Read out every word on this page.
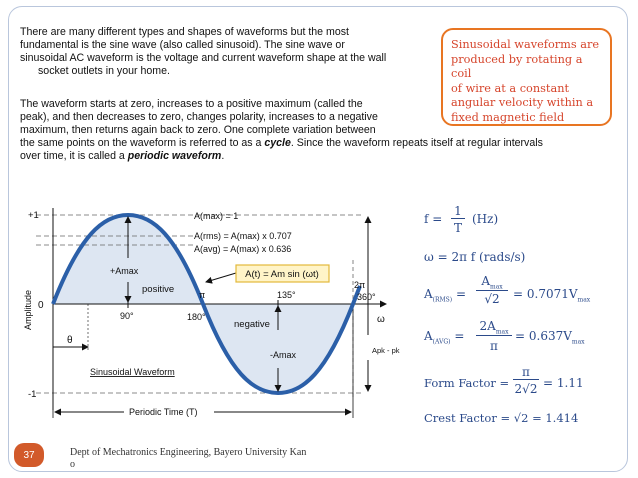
There are many different types and shapes of waveforms but the most
fundamental is the sine wave (also called sinusoid). The sine wave or
sinusoidal AC waveform is the voltage and current waveform shape at the wall
socket outlets in your home.
The waveform starts at zero, increases to a positive maximum (called the
peak), and then decreases to zero, changes polarity, increases to a negative
maximum, then returns again back to zero. One complete variation between
the same points on the waveform is referred to as a cycle. Since the waveform repeats itself at regular intervals
over time, it is called a periodic waveform.
Sinusoidal waveforms are
produced by rotating a coil
of wire at a constant
angular velocity within a
fixed magnetic field
A(t) = Am sin (ωt)
+1
-1
0
Amplitude
A(max) = 1
A(rms) = A(max) x 0.707
A(avg) = A(max) x 0.636
+Amax
positive	π
180°
90°
135°
2π
360°
ω
negative
θ
-Amax	Apk - pk
Sinusoidal Waveform
Periodic Time (T)
f =
1
T
(Hz)
ω = 2π f (rads/s)
$A_{(RMS)}$ =
$A_{max}$
√2	= $0.7071V_{max}$
$A_{(AVG)}$ =
$2A_{max}$
π
= $0.637V_{max}$
Form Factor =
π
2√2 = 1.11
Crest Factor = √2 = 1.414
37	Dept of Mechatronics Engineering, Bayero University Kan
o
